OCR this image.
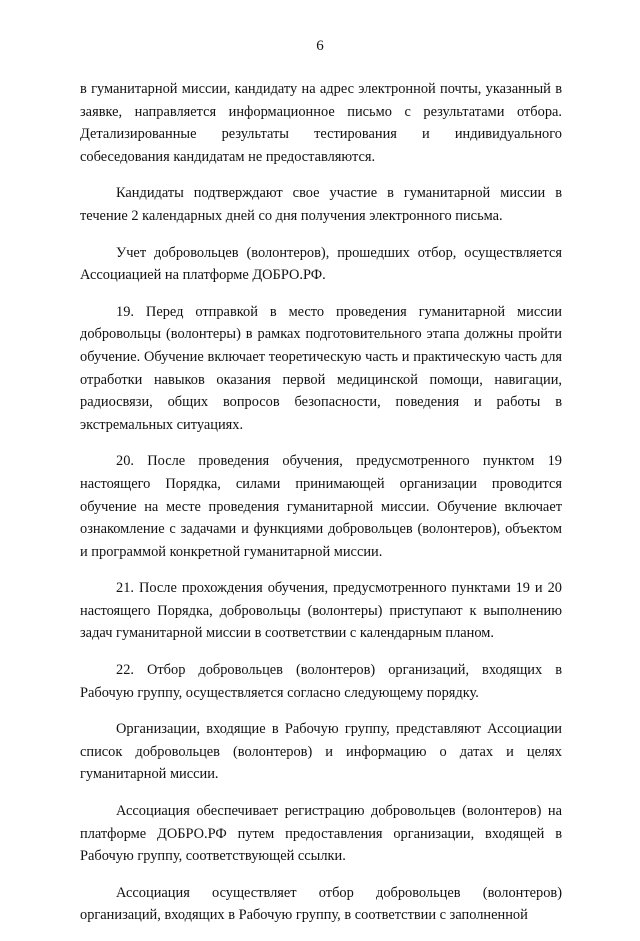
6

в гуманитарной миссии, кандидату на адрес электронной почты, указанный в заявке, направляется информационное письмо с результатами отбора. Детализированные результаты тестирования и индивидуального собеседования кандидатам не предоставляются.

Кандидаты подтверждают свое участие в гуманитарной миссии в течение 2 календарных дней со дня получения электронного письма.

Учет добровольцев (волонтеров), прошедших отбор, осуществляется Ассоциацией на платформе ДОБРО.РФ.

19. Перед отправкой в место проведения гуманитарной миссии добровольцы (волонтеры) в рамках подготовительного этапа должны пройти обучение. Обучение включает теоретическую часть и практическую часть для отработки навыков оказания первой медицинской помощи, навигации, радиосвязи, общих вопросов безопасности, поведения и работы в экстремальных ситуациях.

20. После проведения обучения, предусмотренного пунктом 19 настоящего Порядка, силами принимающей организации проводится обучение на месте проведения гуманитарной миссии. Обучение включает ознакомление с задачами и функциями добровольцев (волонтеров), объектом и программой конкретной гуманитарной миссии.

21. После прохождения обучения, предусмотренного пунктами 19 и 20 настоящего Порядка, добровольцы (волонтеры) приступают к выполнению задач гуманитарной миссии в соответствии с календарным планом.

22. Отбор добровольцев (волонтеров) организаций, входящих в Рабочую группу, осуществляется согласно следующему порядку.

Организации, входящие в Рабочую группу, представляют Ассоциации список добровольцев (волонтеров) и информацию о датах и целях гуманитарной миссии.

Ассоциация обеспечивает регистрацию добровольцев (волонтеров) на платформе ДОБРО.РФ путем предоставления организации, входящей в Рабочую группу, соответствующей ссылки.

Ассоциация осуществляет отбор добровольцев (волонтеров) организаций, входящих в Рабочую группу, в соответствии с заполненной
